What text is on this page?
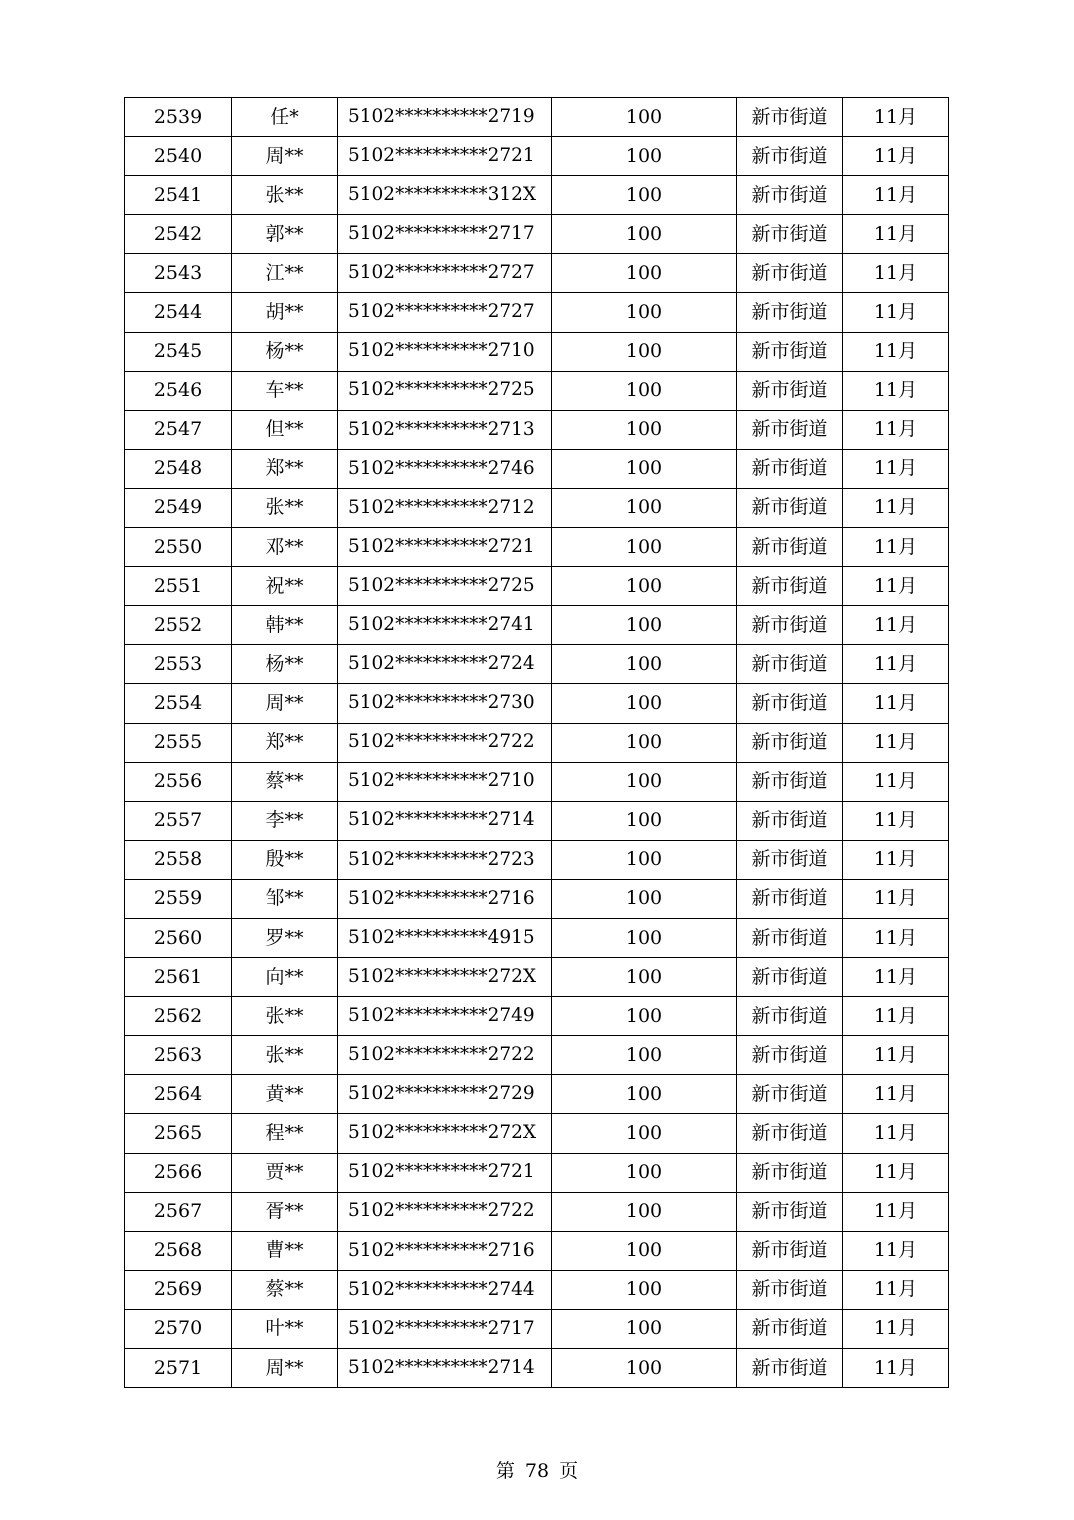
2539	任*	5102**********2719	100	新市街道	11月
2540	周**	5102**********2721	100	新市街道	11月
2541	张**	5102**********312X	100	新市街道	11月
2542	郭**	5102**********2717	100	新市街道	11月
2543	江**	5102**********2727	100	新市街道	11月
2544	胡**	5102**********2727	100	新市街道	11月
2545	杨**	5102**********2710	100	新市街道	11月
2546	车**	5102**********2725	100	新市街道	11月
2547	但**	5102**********2713	100	新市街道	11月
2548	郑**	5102**********2746	100	新市街道	11月
2549	张**	5102**********2712	100	新市街道	11月
2550	邓**	5102**********2721	100	新市街道	11月
2551	祝**	5102**********2725	100	新市街道	11月
2552	韩**	5102**********2741	100	新市街道	11月
2553	杨**	5102**********2724	100	新市街道	11月
2554	周**	5102**********2730	100	新市街道	11月
2555	郑**	5102**********2722	100	新市街道	11月
2556	蔡**	5102**********2710	100	新市街道	11月
2557	李**	5102**********2714	100	新市街道	11月
2558	殷**	5102**********2723	100	新市街道	11月
2559	邹**	5102**********2716	100	新市街道	11月
2560	罗**	5102**********4915	100	新市街道	11月
2561	向**	5102**********272X	100	新市街道	11月
2562	张**	5102**********2749	100	新市街道	11月
2563	张**	5102**********2722	100	新市街道	11月
2564	黄**	5102**********2729	100	新市街道	11月
2565	程**	5102**********272X	100	新市街道	11月
2566	贾**	5102**********2721	100	新市街道	11月
2567	胥**	5102**********2722	100	新市街道	11月
2568	曹**	5102**********2716	100	新市街道	11月
2569	蔡**	5102**********2744	100	新市街道	11月
2570	叶**	5102**********2717	100	新市街道	11月
2571	周**	5102**********2714	100	新市街道	11月
第 78 页
